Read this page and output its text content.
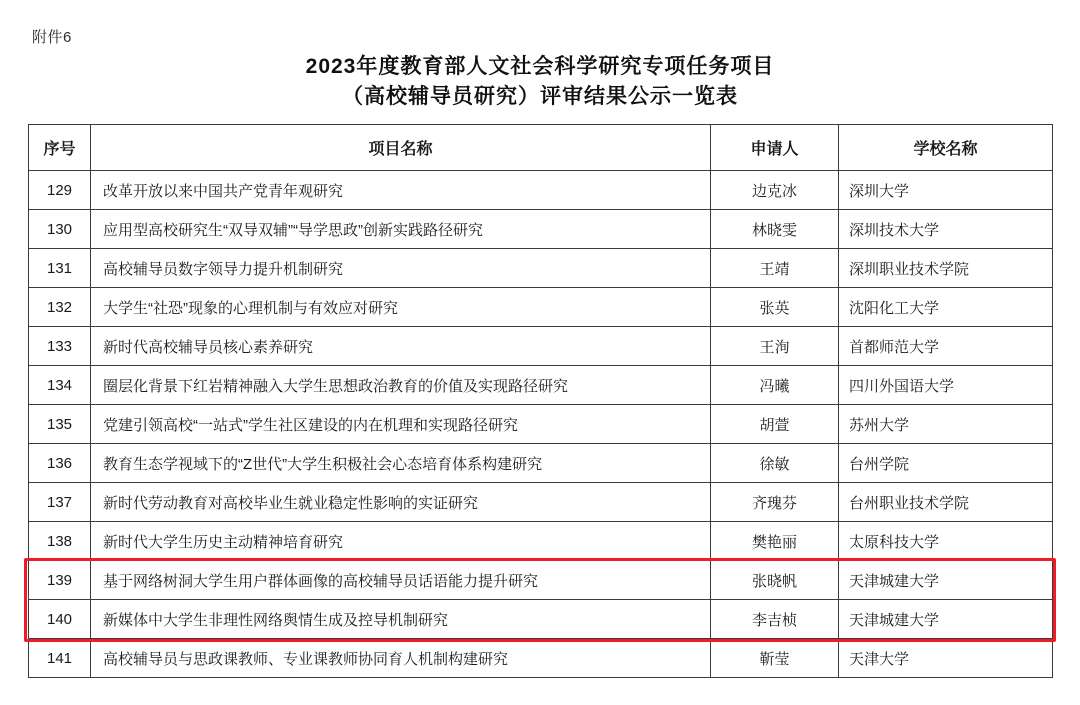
附件6
2023年度教育部人文社会科学研究专项任务项目
（高校辅导员研究）评审结果公示一览表
序号	项目名称	申请人	学校名称
129	改革开放以来中国共产党青年观研究	边克冰	深圳大学
130	应用型高校研究生“双导双辅”“导学思政”创新实践路径研究	林晓雯	深圳技术大学
131	高校辅导员数字领导力提升机制研究	王靖	深圳职业技术学院
132	大学生“社恐”现象的心理机制与有效应对研究	张英	沈阳化工大学
133	新时代高校辅导员核心素养研究	王洵	首都师范大学
134	圈层化背景下红岩精神融入大学生思想政治教育的价值及实现路径研究	冯曦	四川外国语大学
135	党建引领高校“一站式”学生社区建设的内在机理和实现路径研究	胡萱	苏州大学
136	教育生态学视域下的“Z世代”大学生积极社会心态培育体系构建研究	徐敏	台州学院
137	新时代劳动教育对高校毕业生就业稳定性影响的实证研究	齐瑰芬	台州职业技术学院
138	新时代大学生历史主动精神培育研究	樊艳丽	太原科技大学
139	基于网络树洞大学生用户群体画像的高校辅导员话语能力提升研究	张晓帆	天津城建大学
140	新媒体中大学生非理性网络舆情生成及控导机制研究	李吉桢	天津城建大学
141	高校辅导员与思政课教师、专业课教师协同育人机制构建研究	靳莹	天津大学
